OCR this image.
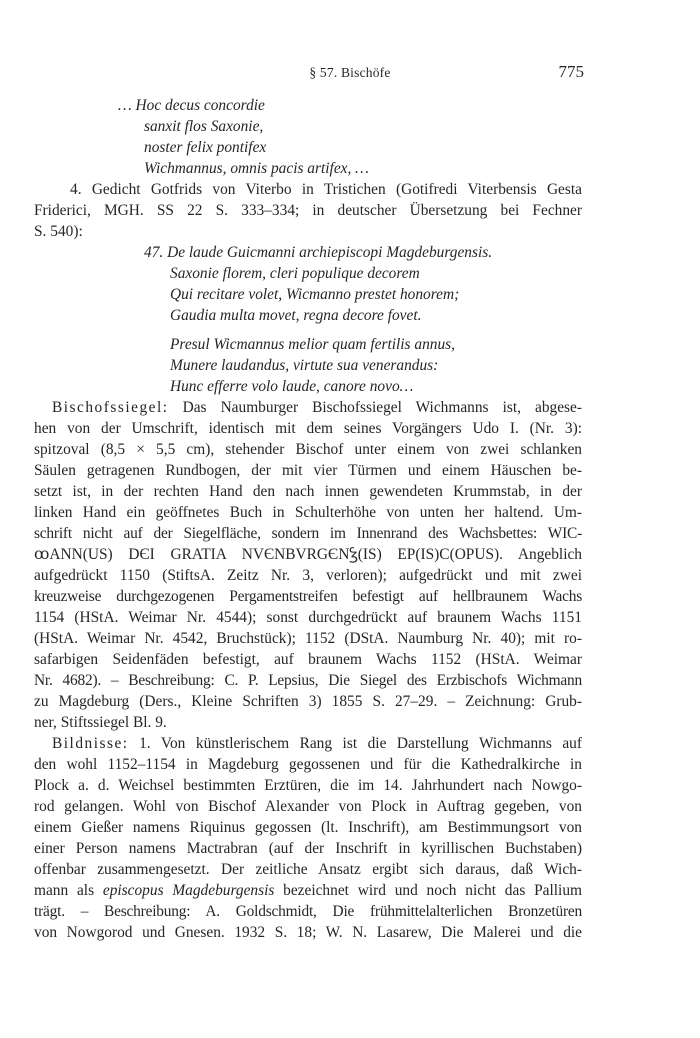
§ 57. Bischöfe	775
… Hoc decus concordie
sanxit flos Saxonie,
noster felix pontifex
Wichmannus, omnis pacis artifex, …
4. Gedicht Gotfrids von Viterbo in Tristichen (Gotifredi Viterbensis Gesta
Friderici, MGH. SS 22 S. 333–334; in deutscher Übersetzung bei Fechner
S. 540):
47. De laude Guicmanni archiepiscopi Magdeburgensis.
Saxonie florem, cleri populique decorem
Qui recitare volet, Wicmanno prestet honorem;
Gaudia multa movet, regna decore fovet.
Presul Wicmannus melior quam fertilis annus,
Munere laudandus, virtute sua venerandus:
Hunc efferre volo laude, canore novo…
Bischofssiegel: Das Naumburger Bischofssiegel Wichmanns ist, abgese-
hen von der Umschrift, identisch mit dem seines Vorgängers Udo I. (Nr. 3):
spitzoval (8,5 × 5,5 cm), stehender Bischof unter einem von zwei schlanken
Säulen getragenen Rundbogen, der mit vier Türmen und einem Häuschen be-
setzt ist, in der rechten Hand den nach innen gewendeten Krummstab, in der
linken Hand ein geöffnetes Buch in Schulterhöhe von unten her haltend. Um-
schrift nicht auf der Siegelfläche, sondern im Innenrand des Wachsbettes: WIC-
ꝏANN(US) DЄI GRATIA NVЄNBVRGЄNꝢ(IS) EP(IS)C(OPUS). Angeblich
aufgedrückt 1150 (StiftsA. Zeitz Nr. 3, verloren); aufgedrückt und mit zwei
kreuzweise durchgezogenen Pergamentstreifen befestigt auf hellbraunem Wachs
1154 (HStA. Weimar Nr. 4544); sonst durchgedrückt auf braunem Wachs 1151
(HStA. Weimar Nr. 4542, Bruchstück); 1152 (DStA. Naumburg Nr. 40); mit ro-
safarbigen Seidenfäden befestigt, auf braunem Wachs 1152 (HStA. Weimar
Nr. 4682). – Beschreibung: C. P. Lepsius, Die Siegel des Erzbischofs Wichmann
zu Magdeburg (Ders., Kleine Schriften 3) 1855 S. 27–29. – Zeichnung: Grub-
ner, Stiftssiegel Bl. 9.
Bildnisse: 1. Von künstlerischem Rang ist die Darstellung Wichmanns auf
den wohl 1152–1154 in Magdeburg gegossenen und für die Kathedralkirche in
Plock a. d. Weichsel bestimmten Erztüren, die im 14. Jahrhundert nach Nowgo-
rod gelangen. Wohl von Bischof Alexander von Plock in Auftrag gegeben, von
einem Gießer namens Riquinus gegossen (lt. Inschrift), am Bestimmungsort von
einer Person namens Mactrabran (auf der Inschrift in kyrillischen Buchstaben)
offenbar zusammengesetzt. Der zeitliche Ansatz ergibt sich daraus, daß Wich-
mann als episcopus Magdeburgensis bezeichnet wird und noch nicht das Pallium
trägt. – Beschreibung: A. Goldschmidt, Die frühmittelalterlichen Bronzetüren
von Nowgorod und Gnesen. 1932 S. 18; W. N. Lasarew, Die Malerei und die
